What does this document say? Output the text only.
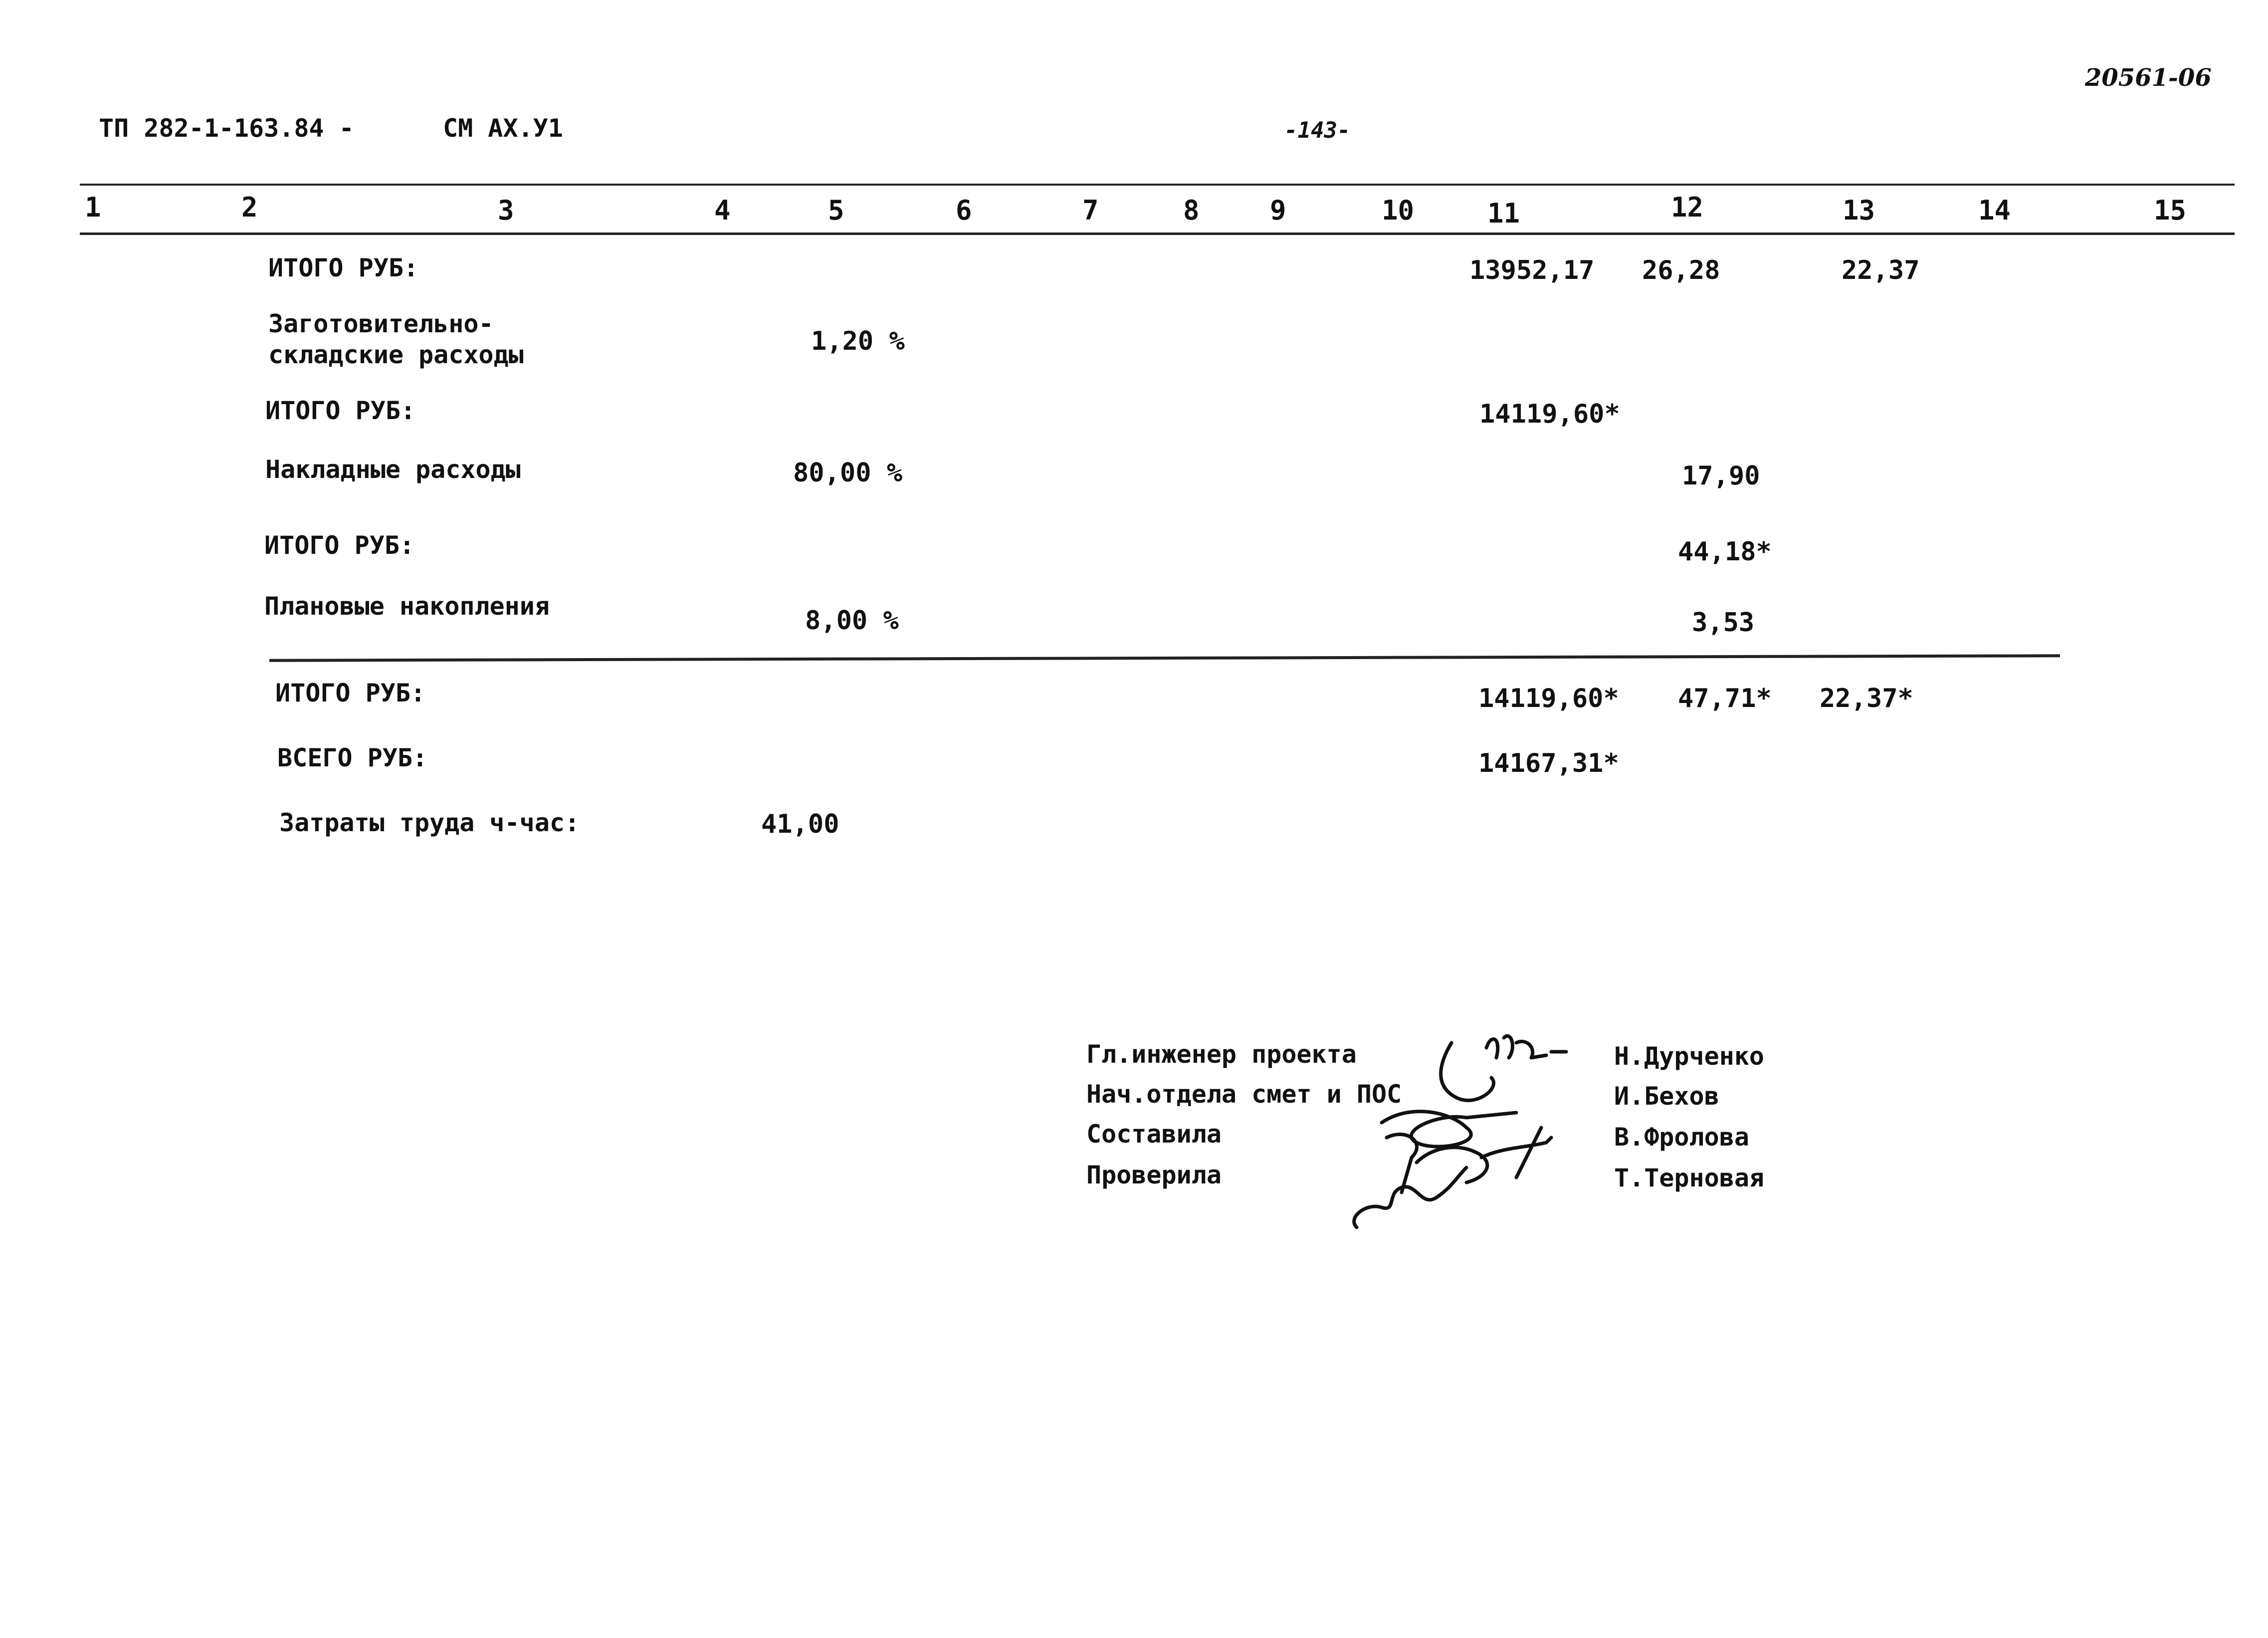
ТП 282-1-163.84 -	СМ АХ.У1	-143-
20561-06
1	2	3	4	5	6	7	8	9	10	11	12	13	14	15
ИТОГО РУБ:	13952,17 26,28	22,37
Заготовительно-складские расходы	1,20 %
ИТОГО РУБ:	14119,60*
Накладные расходы	80,00 %	17,90
ИТОГО РУБ:	44,18*
Плановые накопления	8,00 %	3,53
ИТОГО РУБ:	14119,60* 47,71* 22,37*
ВСЕГО РУБ:	14167,31*
Затраты труда ч-час:	41,00
Гл.инженер проекта
Нач.отдела смет и ПОС
Составила
Проверила
Н.Дурченко
И.Бехов
В.Фролова
Т.Терновая
